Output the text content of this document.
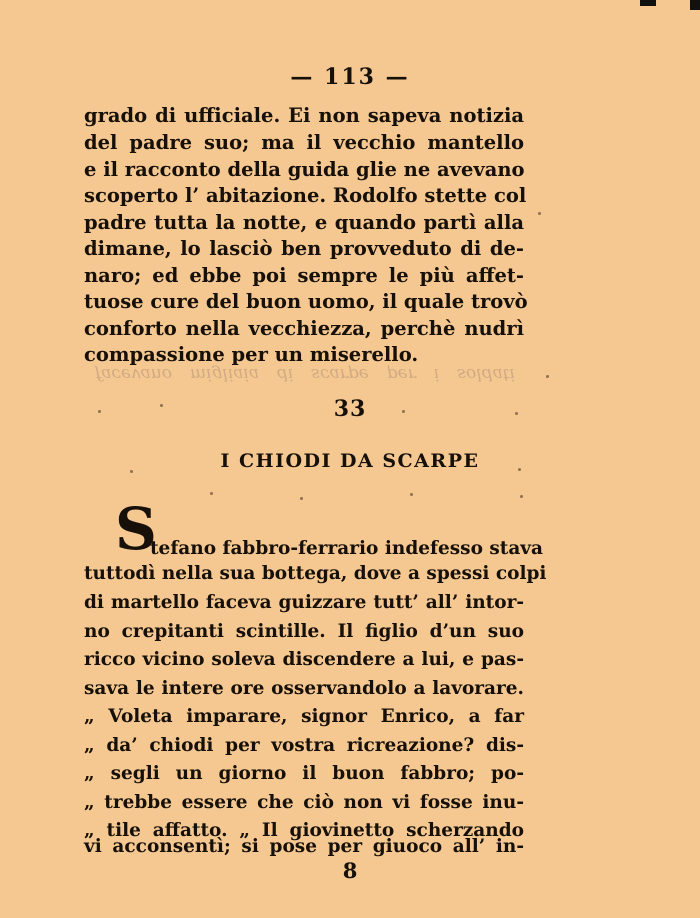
— 113 —
grado di ufficiale. Ei non sapeva notizia
del padre suo; ma il vecchio mantello
e il racconto della guida glie ne avevano
scoperto l’ abitazione. Rodolfo stette col
padre tutta la notte, e quando partì alla
dimane, lo lasciò ben provveduto di de-
naro; ed ebbe poi sempre le più affet-
tuose cure del buon uomo, il quale trovò
conforto nella vecchiezza, perchè nudrì
compassione per un miserello.
facevano migliaia di scarpe per i soldati
33
I CHIODI DA SCARPE
S
tefano fabbro-ferrario indefesso stava
tuttodì nella sua bottega, dove a spessi colpi
di martello faceva guizzare tutt’ all’ intor-
no crepitanti scintille. Il figlio d’un suo
ricco vicino soleva discendere a lui, e pas-
sava le intere ore osservandolo a lavorare.
„ Voleta imparare, signor Enrico, a far
„ da’ chiodi per vostra ricreazione? dis-
„ segli un giorno il buon fabbro; po-
„ trebbe essere che ciò non vi fosse inu-
„ tile affatto. „ Il giovinetto scherzando
vi acconsentì; si pose per giuoco all’ in-
8
